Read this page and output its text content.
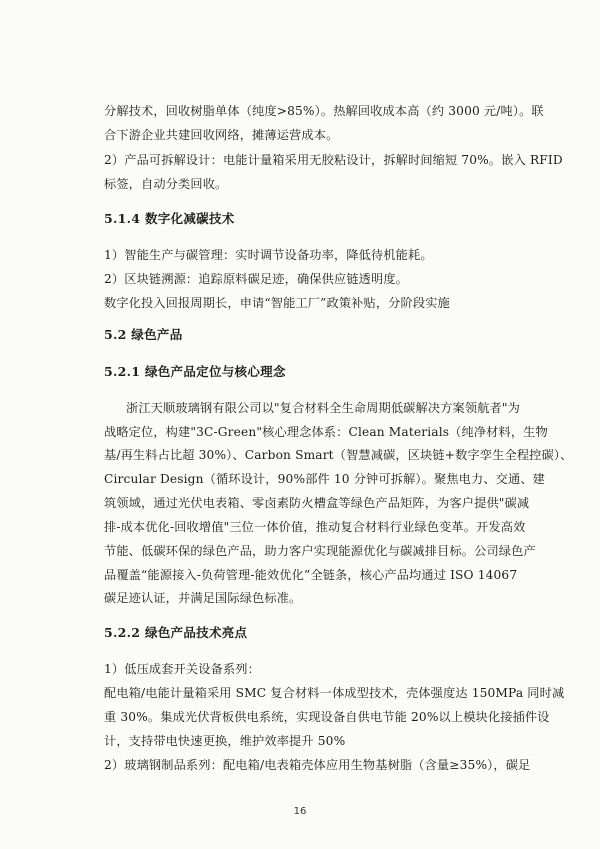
分解技术，回收树脂单体（纯度>85%）。热解回收成本高（约 3000 元/吨）。联
合下游企业共建回收网络，摊薄运营成本。
2）产品可拆解设计：电能计量箱采用无胶粘设计，拆解时间缩短 70%。嵌入 RFID
标签，自动分类回收。
5.1.4 数字化减碳技术
1）智能生产与碳管理：实时调节设备功率，降低待机能耗。
2）区块链溯源：追踪原料碳足迹，确保供应链透明度。
数字化投入回报周期长，申请“智能工厂”政策补贴，分阶段实施
5.2 绿色产品
5.2.1 绿色产品定位与核心理念
浙江天顺玻璃钢有限公司以"复合材料全生命周期低碳解决方案领航者"为
战略定位，构建"3C-Green"核心理念体系：Clean Materials（纯净材料，生物
基/再生料占比超 30%）、Carbon Smart（智慧减碳，区块链+数字孪生全程控碳）、
Circular Design（循环设计，90%部件 10 分钟可拆解）。聚焦电力、交通、建
筑领域，通过光伏电表箱、零卤素防火槽盒等绿色产品矩阵，为客户提供"碳减
排-成本优化-回收增值"三位一体价值，推动复合材料行业绿色变革。开发高效
节能、低碳环保的绿色产品，助力客户实现能源优化与碳减排目标。公司绿色产
品覆盖“能源接入-负荷管理-能效优化”全链条，核心产品均通过 ISO 14067
碳足迹认证，并满足国际绿色标准。
5.2.2 绿色产品技术亮点
1）低压成套开关设备系列：
配电箱/电能计量箱采用 SMC 复合材料一体成型技术，壳体强度达 150MPa 同时减
重 30%。集成光伏背板供电系统，实现设备自供电节能 20%以上模块化接插件设
计，支持带电快速更换，维护效率提升 50%
2）玻璃钢制品系列：配电箱/电表箱壳体应用生物基树脂（含量≥35%），碳足
16
